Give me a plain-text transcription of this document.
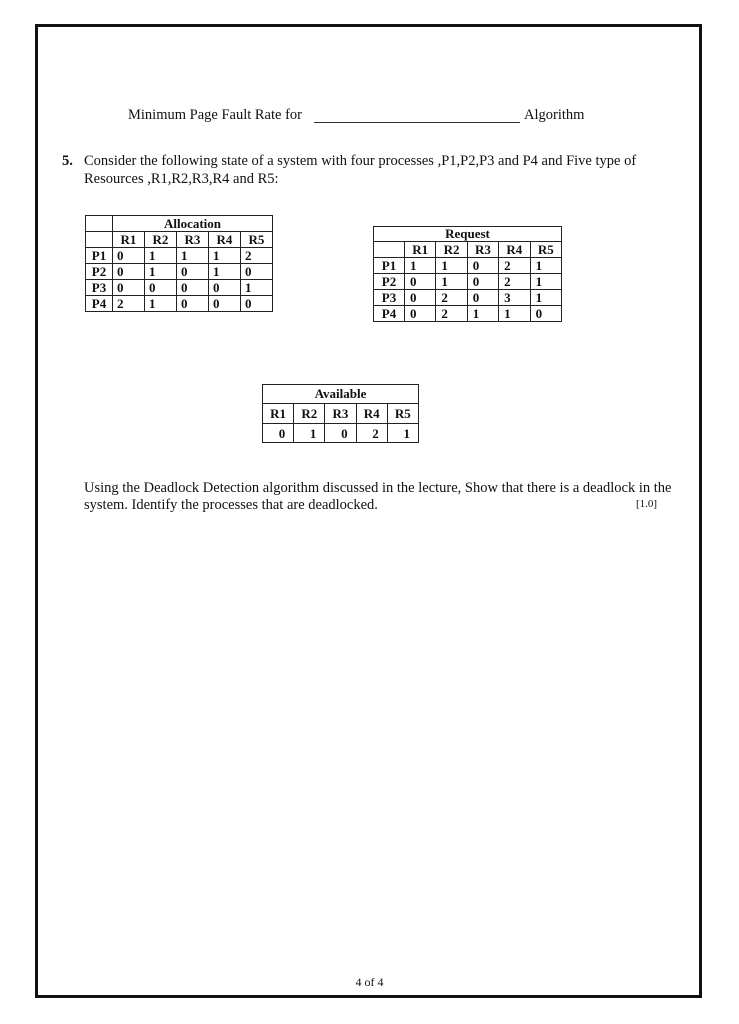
Minimum Page Fault Rate for	Algorithm
5. Consider the following state of a system with four processes ,P1,P2,P3 and P4 and Five type of Resources ,R1,R2,R3,R4 and R5:
	Allocation				
	R1	R2	R3	R4	R5
P1	0	1	1	1	2
P2	0	1	0	1	0
P3	0	0	0	0	1
P4	2	1	0	0	0
Request					
	R1	R2	R3	R4	R5
P1	1	1	0	2	1
P2	0	1	0	2	1
P3	0	2	0	3	1
P4	0	2	1	1	0
Available				
R1	R2	R3	R4	R5
0	1	0	2	1
Using the Deadlock Detection algorithm discussed in the lecture, Show that there is a deadlock in the system. Identify the processes that are deadlocked.	[1.0]
4 of 4
